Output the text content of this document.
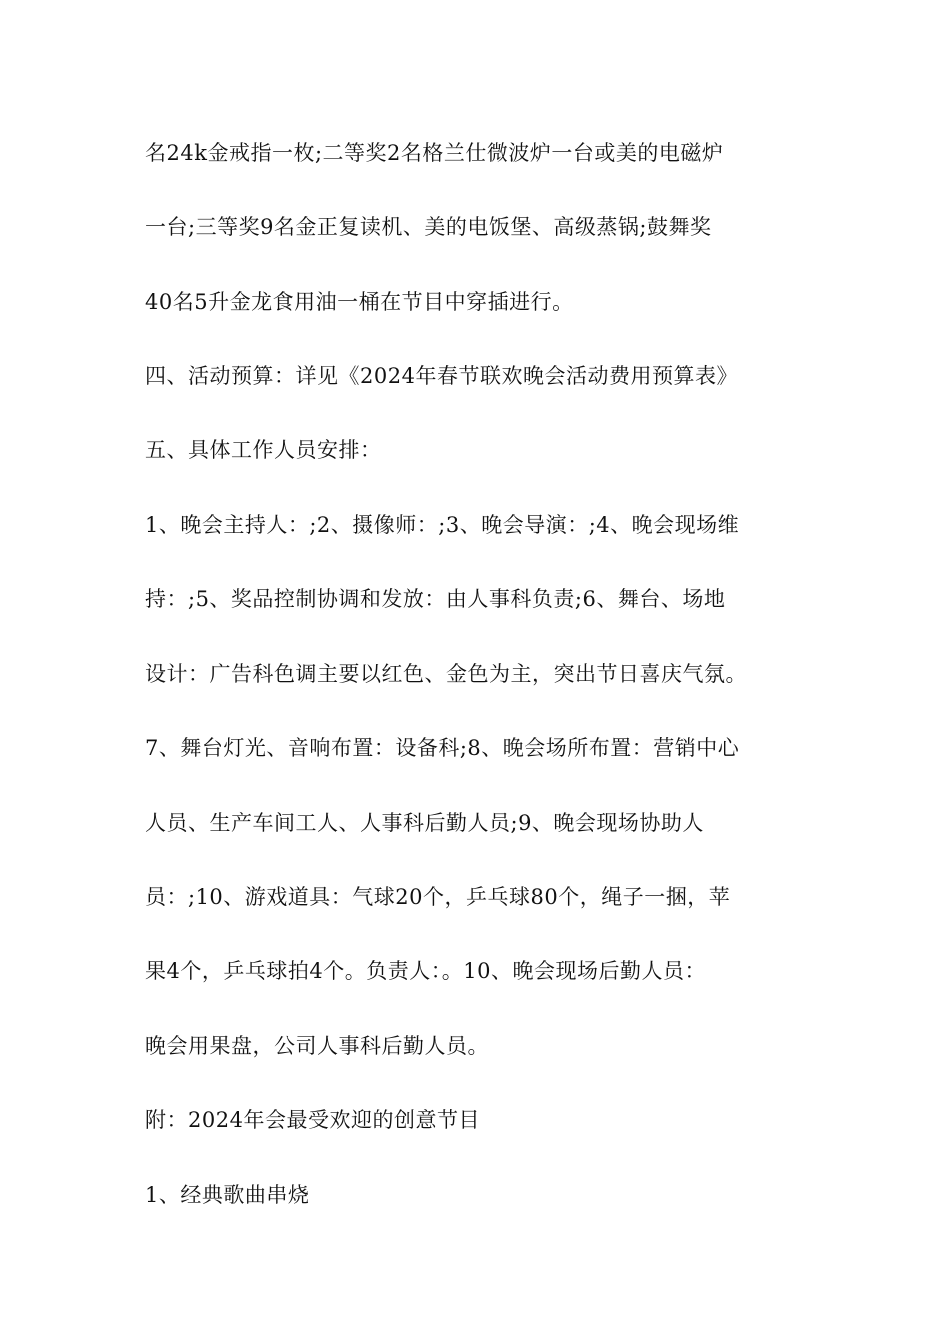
名24k金戒指一枚;二等奖2名格兰仕微波炉一台或美的电磁炉

一台;三等奖9名金正复读机、美的电饭堡、高级蒸锅;鼓舞奖

40名5升金龙食用油一桶在节目中穿插进行。

四、活动预算：详见《2024年春节联欢晚会活动费用预算表》

五、具体工作人员安排：

1、晚会主持人：;2、摄像师：;3、晚会导演：;4、晚会现场维

持：;5、奖品控制协调和发放：由人事科负责;6、舞台、场地

设计：广告科色调主要以红色、金色为主，突出节日喜庆气氛。

7、舞台灯光、音响布置：设备科;8、晚会场所布置：营销中心

人员、生产车间工人、人事科后勤人员;9、晚会现场协助人

员：;10、游戏道具：气球20个，乒乓球80个，绳子一捆，苹

果4个，乒乓球拍4个。负责人：。10、晚会现场后勤人员：

晚会用果盘，公司人事科后勤人员。

附：2024年会最受欢迎的创意节目

1、经典歌曲串烧
